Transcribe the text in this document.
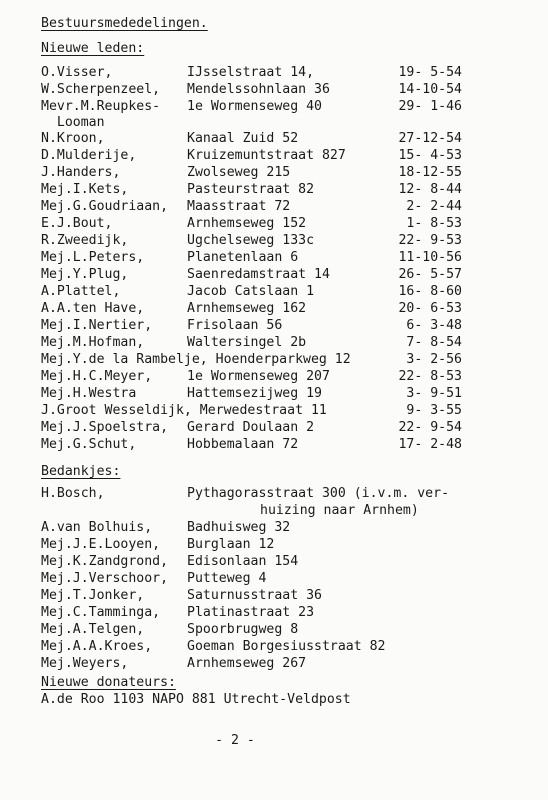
Bestuursmededelingen.
Nieuwe leden:
O.Visser,	IJsselstraat 14,	19- 5-54
W.Scherpenzeel, Mendelssohnlaan 36	14-10-54
Mevr.M.Reupkes- 1e Wormenseweg 40	29- 1-46
Looman
N.Kroon,	Kanaal Zuid 52	27-12-54
D.Mulderije,	Kruizemuntstraat 827	15- 4-53
J.Handers,	Zwolseweg 215	18-12-55
Mej.I.Kets,	Pasteurstraat 82	12- 8-44
Mej.G.Goudriaan, Maasstraat 72	2- 2-44
E.J.Bout,	Arnhemseweg 152	1- 8-53
R.Zweedijk,	Ugchelseweg 133c	22- 9-53
Mej.L.Peters,	Planetenlaan 6	11-10-56
Mej.Y.Plug,	Saenredamstraat 14	26- 5-57
A.Plattel,	Jacob Catslaan 1	16- 8-60
A.A.ten Have,	Arnhemseweg 162	20- 6-53
Mej.I.Nertier,	Frisolaan 56	6- 3-48
Mej.M.Hofman,	Waltersingel 2b	7- 8-54
Mej.Y.de la Rambelje, Hoenderparkweg 12	3- 2-56
Mej.H.C.Meyer,	1e Wormenseweg 207	22- 8-53
Mej.H.Westra	Hattemsezijweg 19	3- 9-51
J.Groot Wesseldijk, Merwedestraat 11	9- 3-55
Mej.J.Spoelstra, Gerard Doulaan 2	22- 9-54
Mej.G.Schut,	Hobbemalaan 72	17- 2-48
Bedankjes:
H.Bosch,	Pythagorasstraat 300 (i.v.m. ver-
huizing naar Arnhem)
A.van Bolhuis,	Badhuisweg 32
Mej.J.E.Looyen, Burglaan 12
Mej.K.Zandgrond, Edisonlaan 154
Mej.J.Verschoor, Putteweg 4
Mej.T.Jonker,	Saturnusstraat 36
Mej.C.Tamminga, Platinastraat 23
Mej.A.Telgen,	Spoorbrugweg 8
Mej.A.A.Kroes,	Goeman Borgesiusstraat 82
Mej.Weyers,	Arnhemseweg 267
Nieuwe donateurs:
A.de Roo 1103 NAPO 881 Utrecht-Veldpost
- 2 -
